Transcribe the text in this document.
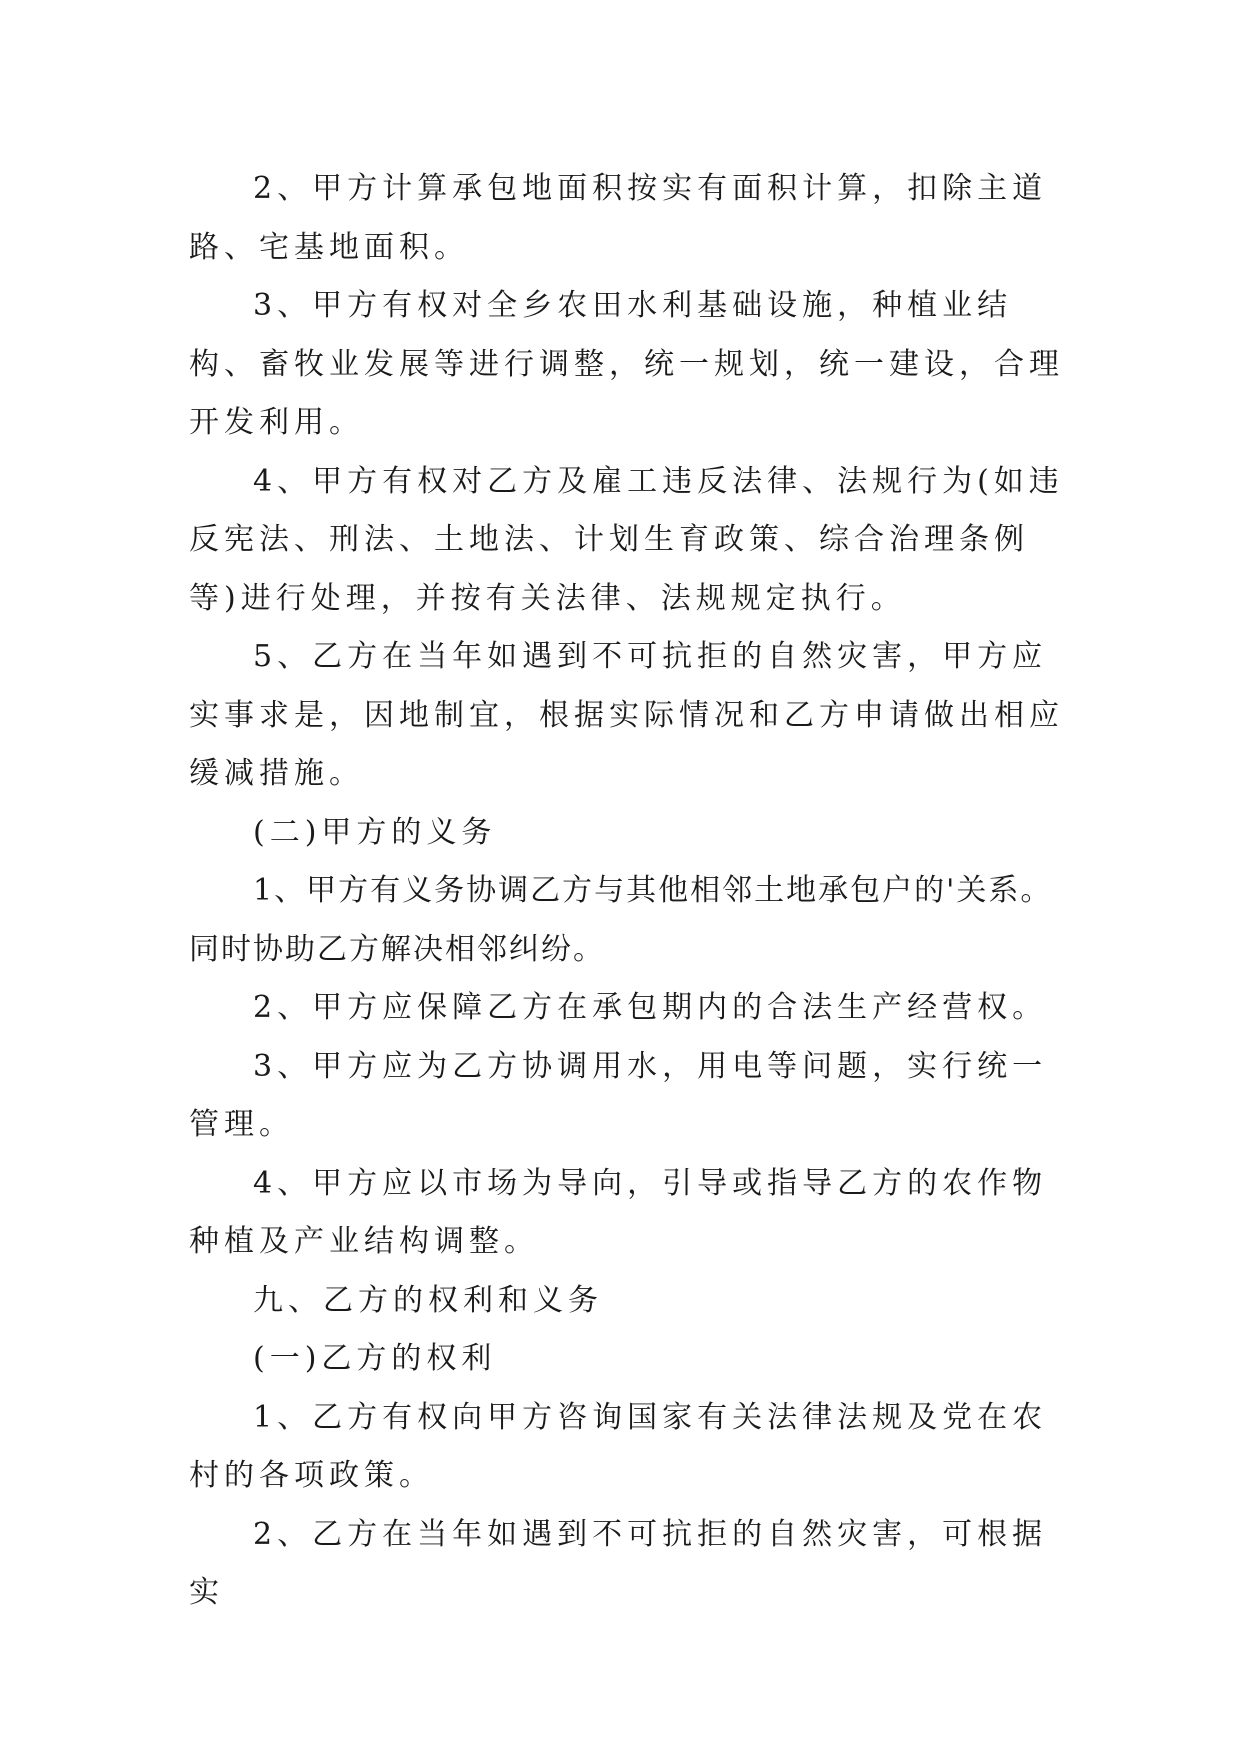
2、甲方计算承包地面积按实有面积计算，扣除主道路、宅基地面积。

3、甲方有权对全乡农田水利基础设施，种植业结构、畜牧业发展等进行调整，统一规划，统一建设，合理开发利用。

4、甲方有权对乙方及雇工违反法律、法规行为(如违反宪法、刑法、土地法、计划生育政策、综合治理条例等)进行处理，并按有关法律、法规规定执行。

5、乙方在当年如遇到不可抗拒的自然灾害，甲方应实事求是，因地制宜，根据实际情况和乙方申请做出相应缓减措施。

(二)甲方的义务

1、甲方有义务协调乙方与其他相邻土地承包户的'关系。同时协助乙方解决相邻纠纷。

2、甲方应保障乙方在承包期内的合法生产经营权。

3、甲方应为乙方协调用水，用电等问题，实行统一管理。

4、甲方应以市场为导向，引导或指导乙方的农作物种植及产业结构调整。

九、乙方的权利和义务

(一)乙方的权利

1、乙方有权向甲方咨询国家有关法律法规及党在农村的各项政策。

2、乙方在当年如遇到不可抗拒的自然灾害，可根据实
